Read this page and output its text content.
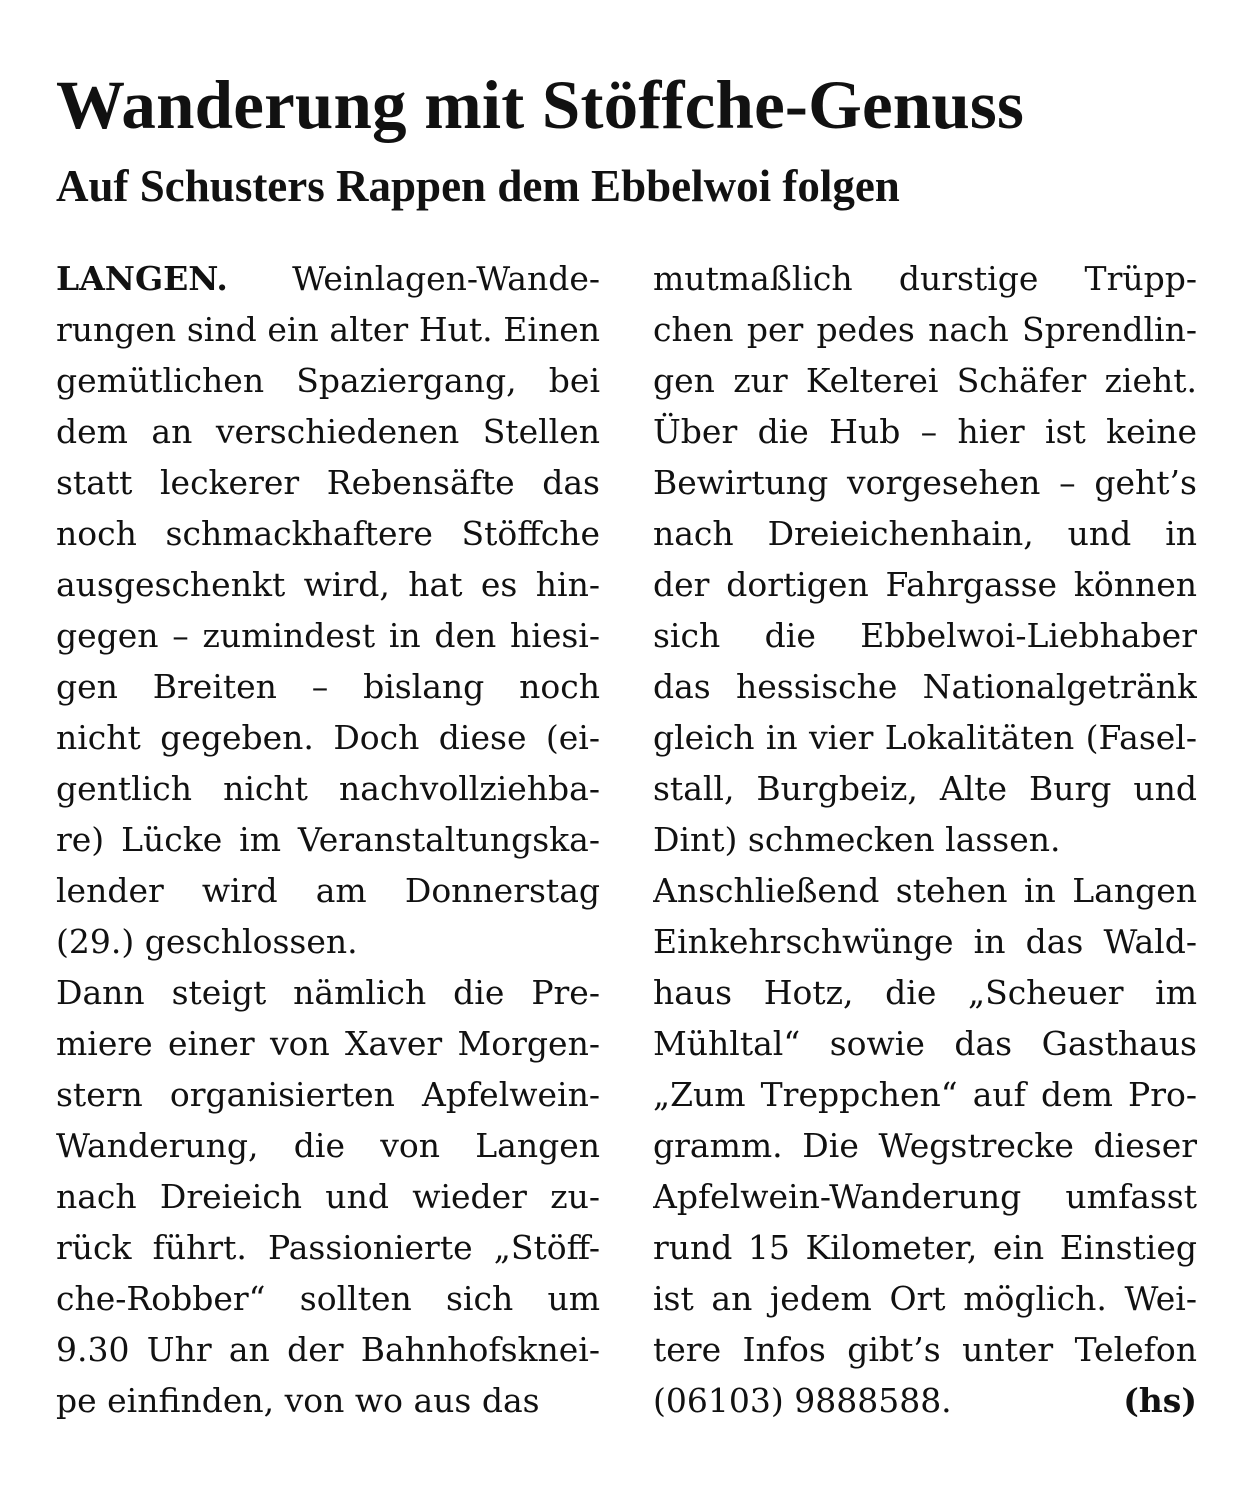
Wanderung mit Stöffche-Genuss
Auf Schusters Rappen dem Ebbelwoi folgen
LANGEN. Weinlagen-Wande-
rungen sind ein alter Hut. Einen
gemütlichen Spaziergang, bei
dem an verschiedenen Stellen
statt leckerer Rebensäfte das
noch schmackhaftere Stöffche
ausgeschenkt wird, hat es hin-
gegen – zumindest in den hiesi-
gen Breiten – bislang noch
nicht gegeben. Doch diese (ei-
gentlich nicht nachvollziehba-
re) Lücke im Veranstaltungska-
lender wird am Donnerstag
(29.) geschlossen.
Dann steigt nämlich die Pre-
miere einer von Xaver Morgen-
stern organisierten Apfelwein-
Wanderung, die von Langen
nach Dreieich und wieder zu-
rück führt. Passionierte „Stöff-
che-Robber“ sollten sich um
9.30 Uhr an der Bahnhofsknei-
pe einfinden, von wo aus das
mutmaßlich durstige Trüpp-
chen per pedes nach Sprendlin-
gen zur Kelterei Schäfer zieht.
Über die Hub – hier ist keine
Bewirtung vorgesehen – geht’s
nach Dreieichenhain, und in
der dortigen Fahrgasse können
sich die Ebbelwoi-Liebhaber
das hessische Nationalgetränk
gleich in vier Lokalitäten (Fasel-
stall, Burgbeiz, Alte Burg und
Dint) schmecken lassen.
Anschließend stehen in Langen
Einkehrschwünge in das Wald-
haus Hotz, die „Scheuer im
Mühltal“ sowie das Gasthaus
„Zum Treppchen“ auf dem Pro-
gramm. Die Wegstrecke dieser
Apfelwein-Wanderung umfasst
rund 15 Kilometer, ein Einstieg
ist an jedem Ort möglich. Wei-
tere Infos gibt’s unter Telefon
(06103) 9888588.	(hs)
